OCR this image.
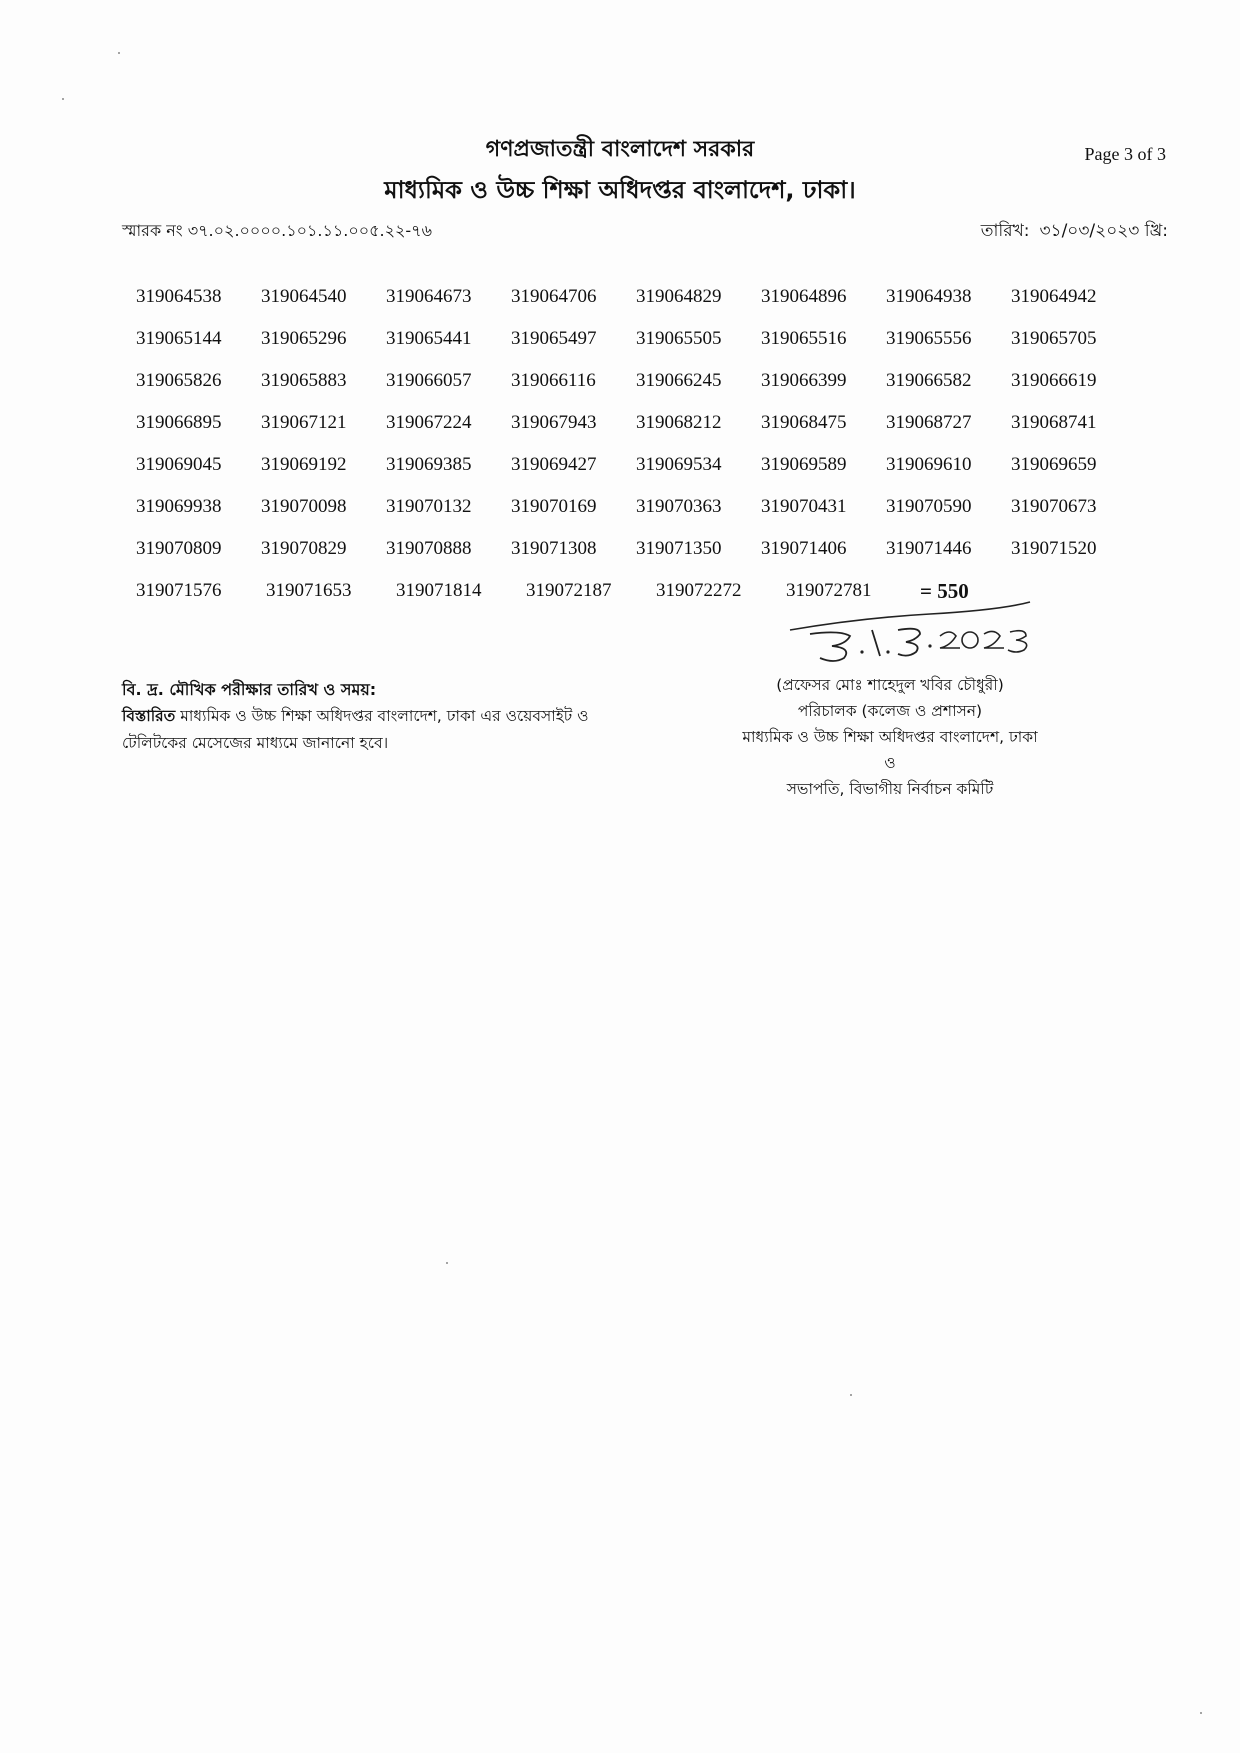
গণপ্রজাতন্ত্রী বাংলাদেশ সরকার
মাধ্যমিক ও উচ্চ শিক্ষা অধিদপ্তর বাংলাদেশ, ঢাকা।
Page 3 of 3
স্মারক নং ৩৭.০২.০০০০.১০১.১১.০০৫.২২-৭৬	তারিখ: ৩১/০৩/২০২৩ খ্রি:
319064538	319064540	319064673	319064706	319064829	319064896	319064938	319064942
319065144	319065296	319065441	319065497	319065505	319065516	319065556	319065705
319065826	319065883	319066057	319066116	319066245	319066399	319066582	319066619
319066895	319067121	319067224	319067943	319068212	319068475	319068727	319068741
319069045	319069192	319069385	319069427	319069534	319069589	319069610	319069659
319069938	319070098	319070132	319070169	319070363	319070431	319070590	319070673
319070809	319070829	319070888	319071308	319071350	319071406	319071446	319071520
319071576	319071653	319071814	319072187	319072272	319072781	= 550
বি. দ্র. মৌখিক পরীক্ষার তারিখ ও সময়:
বিস্তারিত মাধ্যমিক ও উচ্চ শিক্ষা অধিদপ্তর বাংলাদেশ, ঢাকা এর ওয়েবসাইট ও
টেলিটকের মেসেজের মাধ্যমে জানানো হবে।
(প্রফেসর মোঃ শাহেদুল খবির চৌধুরী)
পরিচালক (কলেজ ও প্রশাসন)
মাধ্যমিক ও উচ্চ শিক্ষা অধিদপ্তর বাংলাদেশ, ঢাকা
ও
সভাপতি, বিভাগীয় নির্বাচন কমিটি
